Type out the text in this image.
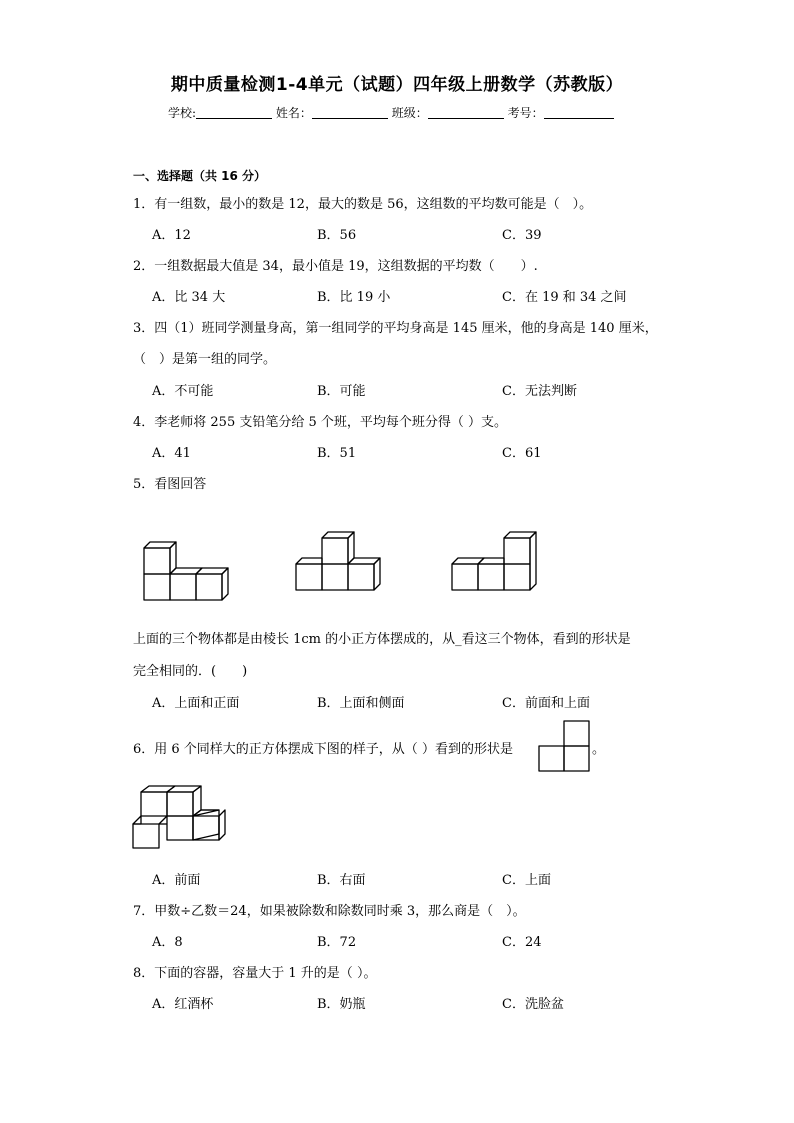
期中质量检测1-4单元（试题）四年级上册数学（苏教版）
学校:	姓名：	班级：	考号：
一、选择题（共 16 分）
1．有一组数，最小的数是 12，最大的数是 56，这组数的平均数可能是（　）。
A．12	B．56	C．39
2．一组数据最大值是 34，最小值是 19，这组数据的平均数（　　）.
A．比 34 大	B．比 19 小	C．在 19 和 34 之间
3．四（1）班同学测量身高，第一组同学的平均身高是 145 厘米，他的身高是 140 厘米，
（　）是第一组的同学。
A．不可能	B．可能	C．无法判断
4．李老师将 255 支铅笔分给 5 个班，平均每个班分得（ ）支。
A．41	B．51	C．61
5．看图回答
上面的三个物体都是由棱长 1cm 的小正方体摆成的，从_看这三个物体，看到的形状是
完全相同的．(　　)
A．上面和正面	B．上面和侧面	C．前面和上面
6．用 6 个同样大的正方体摆成下图的样子，从（ ）看到的形状是	。
A．前面	B．右面	C．上面
7．甲数÷乙数＝24，如果被除数和除数同时乘 3，那么商是（　）。
A．8	B．72	C．24
8．下面的容器，容量大于 1 升的是（ ）。
A．红酒杯	B．奶瓶	C．洗脸盆
